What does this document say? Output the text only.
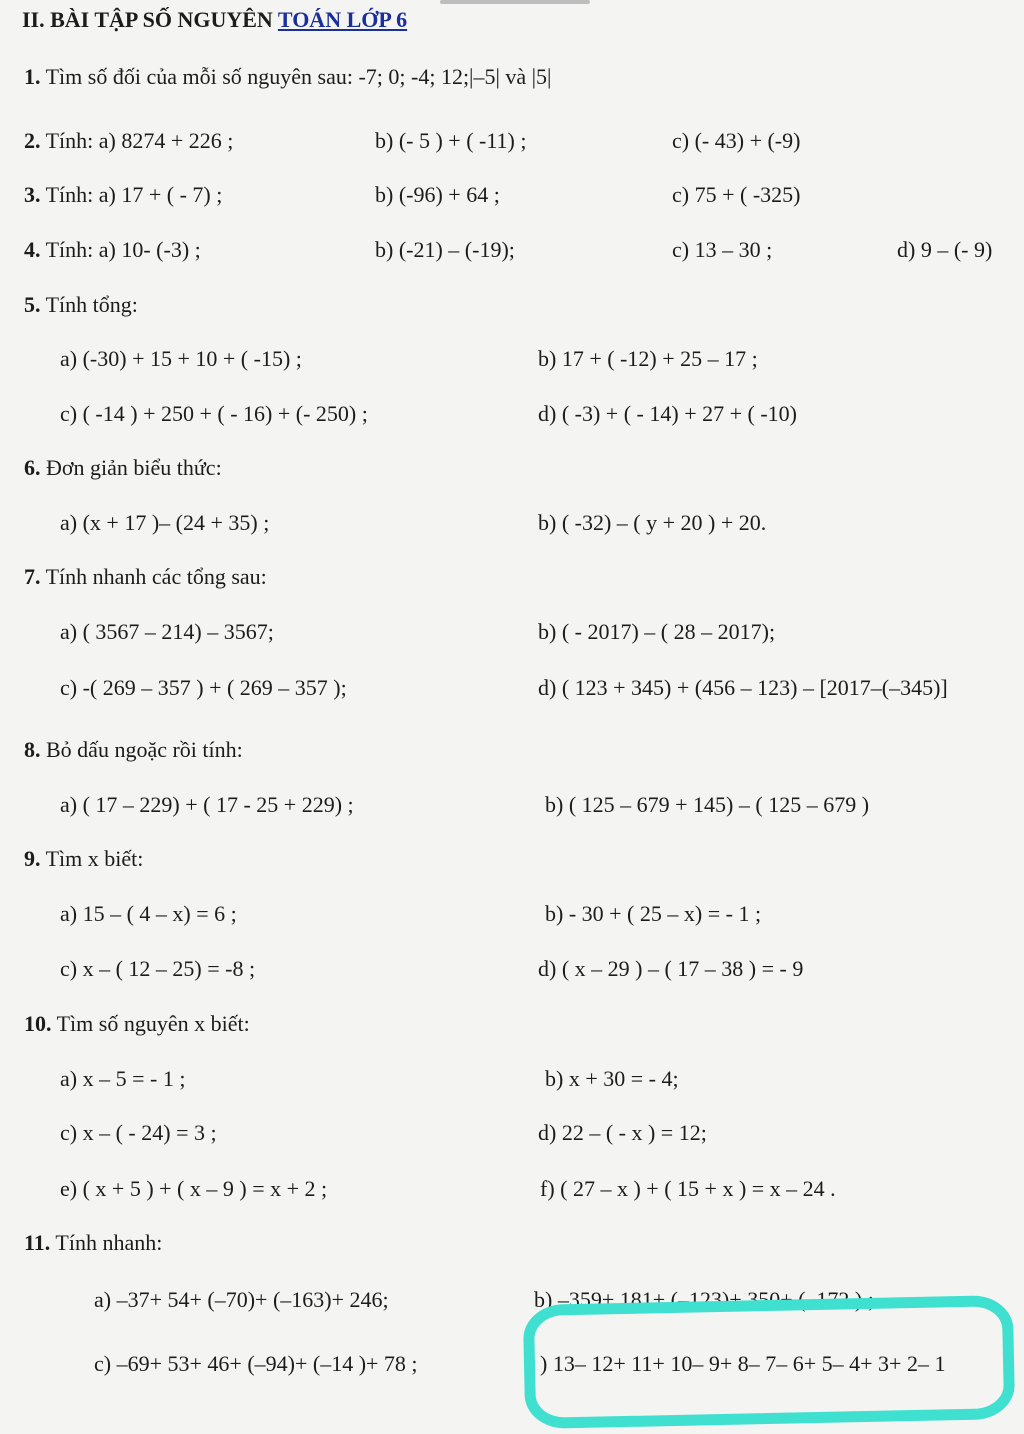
II. BÀI TẬP SỐ NGUYÊN TOÁN LỚP 6
1. Tìm số đối của mỗi số nguyên sau: -7; 0; -4; 12;|–5| và |5|
2. Tính: a) 8274 + 226 ;	b) (- 5 ) + ( -11) ;	c) (- 43) + (-9)
3. Tính: a) 17 + ( - 7) ;	b) (-96) + 64 ;	c) 75 + ( -325)
4. Tính: a) 10- (-3) ;	b) (-21) – (-19);	c) 13 – 30 ;	d) 9 – (- 9)
5. Tính tổng:
a) (-30) + 15 + 10 + ( -15) ;	b) 17 + ( -12) + 25 – 17 ;
c) ( -14 ) + 250 + ( - 16) + (- 250) ;	d) ( -3) + ( - 14) + 27 + ( -10)
6. Đơn giản biểu thức:
a) (x + 17 )– (24 + 35) ;	b) ( -32) – ( y + 20 ) + 20.
7. Tính nhanh các tổng sau:
a) ( 3567 – 214) – 3567;	b) ( - 2017) – ( 28 – 2017);
c) -( 269 – 357 ) + ( 269 – 357 );	d) ( 123 + 345) + (456 – 123) – [2017–(–345)]
8. Bỏ dấu ngoặc rồi tính:
a) ( 17 – 229) + ( 17 - 25 + 229) ;	b) ( 125 – 679 + 145) – ( 125 – 679 )
9. Tìm x biết:
a) 15 – ( 4 – x) = 6 ;	b) - 30 + ( 25 – x) = - 1 ;
c) x – ( 12 – 25) = -8 ;	d) ( x – 29 ) – ( 17 – 38 ) = - 9
10. Tìm số nguyên x biết:
a) x – 5 = - 1 ;	b) x + 30 = - 4;
c) x – ( - 24) = 3 ;	d) 22 – ( - x ) = 12;
e) ( x + 5 ) + ( x – 9 ) = x + 2 ;	f) ( 27 – x ) + ( 15 + x ) = x – 24 .
11. Tính nhanh:
a) –37+ 54+ (–70)+ (–163)+ 246;	b) –359+ 181+ (–123)+ 350+ (–172 ) ;
c) –69+ 53+ 46+ (–94)+ (–14 )+ 78 ;	) 13– 12+ 11+ 10– 9+ 8– 7– 6+ 5– 4+ 3+ 2– 1
